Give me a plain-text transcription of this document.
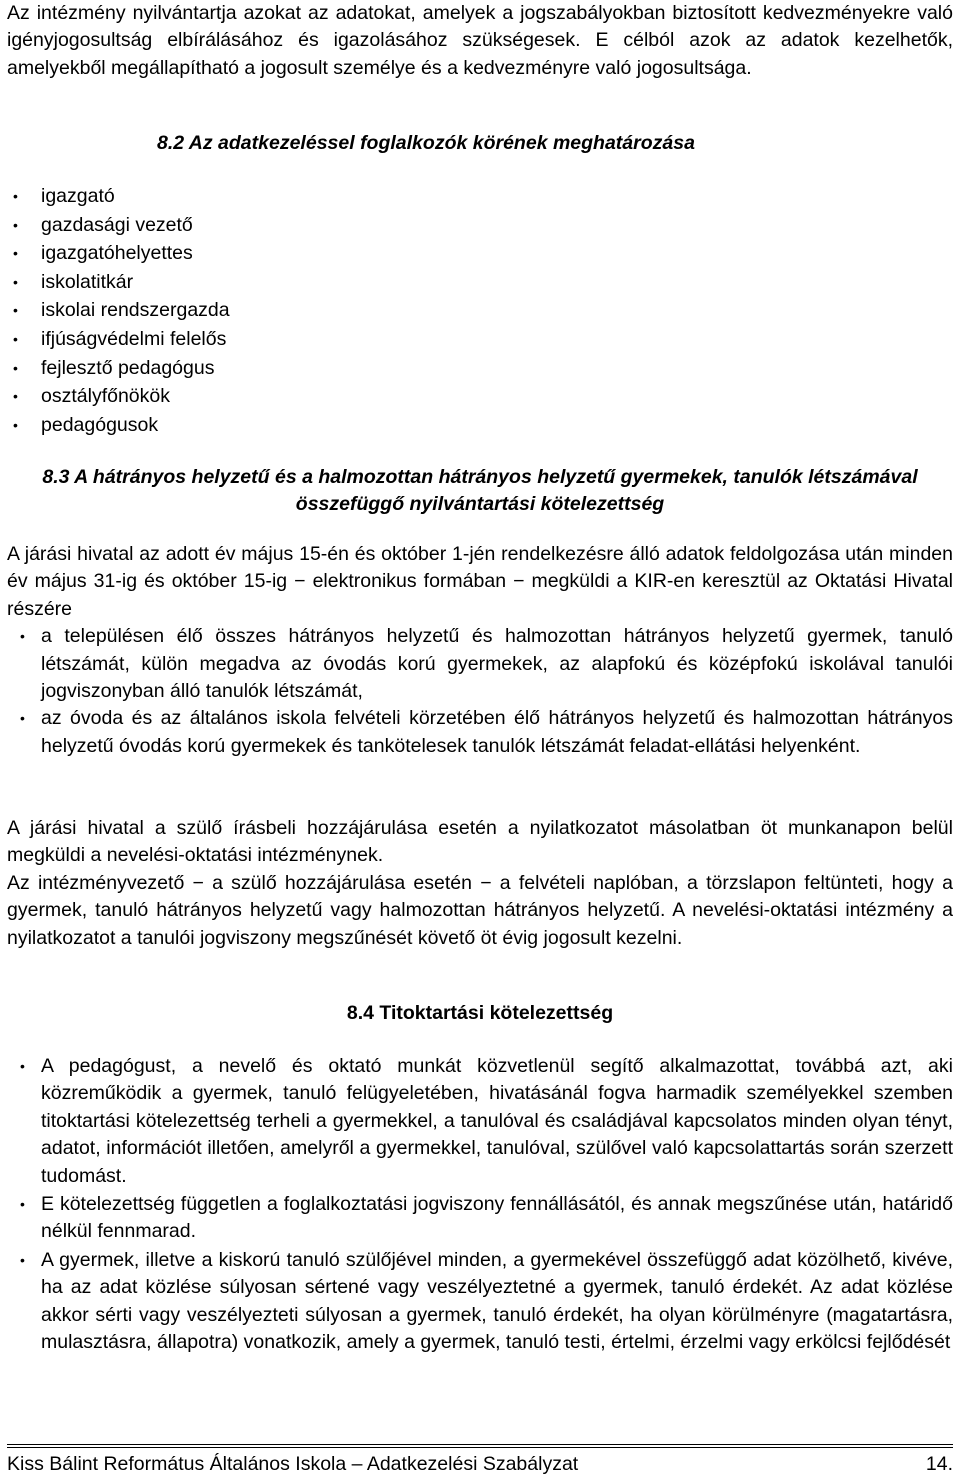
Az intézmény nyilvántartja azokat az adatokat, amelyek a jogszabályokban biztosított kedvezményekre való igényjogosultság elbírálásához és igazolásához szükségesek. E célból azok az adatok kezelhetők, amelyekből megállapítható a jogosult személye és a kedvezményre való jogosultsága.

8.2 Az adatkezeléssel foglalkozók körének meghatározása
• igazgató
• gazdasági vezető
• igazgatóhelyettes
• iskolatitkár
• iskolai rendszergazda
• ifjúságvédelmi felelős
• fejlesztő pedagógus
• osztályfőnökök
• pedagógusok
8.3 A hátrányos helyzetű és a halmozottan hátrányos helyzetű gyermekek, tanulók létszámával összefüggő nyilvántartási kötelezettség

A járási hivatal az adott év május 15-én és október 1-jén rendelkezésre álló adatok feldolgozása után minden év május 31-ig és október 15-ig − elektronikus formában − megküldi a KIR-en keresztül az Oktatási Hivatal részére

• a településen élő összes hátrányos helyzetű és halmozottan hátrányos helyzetű gyermek, tanuló létszámát, külön megadva az óvodás korú gyermekek, az alapfokú és középfokú iskolával tanulói jogviszonyban álló tanulók létszámát,
• az óvoda és az általános iskola felvételi körzetében élő hátrányos helyzetű és halmozottan hátrányos helyzetű óvodás korú gyermekek és tankötelesek tanulók létszámát feladat-ellátási helyenként.

A járási hivatal a szülő írásbeli hozzájárulása esetén a nyilatkozatot másolatban öt munkanapon belül megküldi a nevelési-oktatási intézménynek.

Az intézményvezető − a szülő hozzájárulása esetén − a felvételi naplóban, a törzslapon feltünteti, hogy a gyermek, tanuló hátrányos helyzetű vagy halmozottan hátrányos helyzetű. A nevelési-oktatási intézmény a nyilatkozatot a tanulói jogviszony megszűnését követő öt évig jogosult kezelni.

8.4 Titoktartási kötelezettség
• A pedagógust, a nevelő és oktató munkát közvetlenül segítő alkalmazottat, továbbá azt, aki közreműködik a gyermek, tanuló felügyeletében, hivatásánál fogva harmadik személyekkel szemben titoktartási kötelezettség terheli a gyermekkel, a tanulóval és családjával kapcsolatos minden olyan tényt, adatot, információt illetően, amelyről a gyermekkel, tanulóval, szülővel való kapcsolattartás során szerzett tudomást.
• E kötelezettség független a foglalkoztatási jogviszony fennállásától, és annak megszűnése után, határidő nélkül fennmarad.
• A gyermek, illetve a kiskorú tanuló szülőjével minden, a gyermekével összefüggő adat közölhető, kivéve, ha az adat közlése súlyosan sértené vagy veszélyeztetné a gyermek, tanuló érdekét. Az adat közlése akkor sérti vagy veszélyezteti súlyosan a gyermek, tanuló érdekét, ha olyan körülményre (magatartásra, mulasztásra, állapotra) vonatkozik, amely a gyermek, tanuló testi, értelmi, érzelmi vagy erkölcsi fejlődését
Kiss Bálint Református Általános Iskola – Adatkezelési Szabályzat	14.
